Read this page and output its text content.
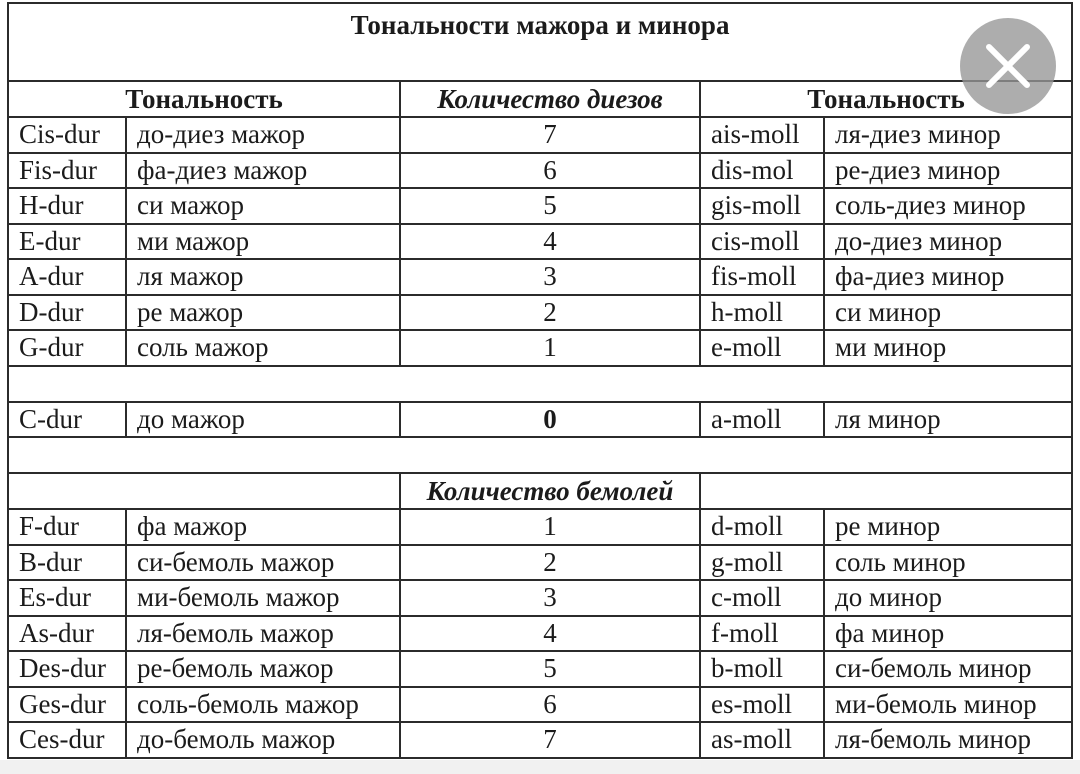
Тональности мажора и минора				
Тональность		Количество диезов	Тональность	
Cis-dur	до-диез мажор	7	ais-moll	ля-диез минор
Fis-dur	фа-диез мажор	6	dis-mol	ре-диез минор
H-dur	си мажор	5	gis-moll	соль-диез минор
E-dur	ми мажор	4	cis-moll	до-диез минор
A-dur	ля мажор	3	fis-moll	фа-диез минор
D-dur	ре мажор	2	h-moll	си минор
G-dur	соль мажор	1	e-moll	ми минор

C-dur	до мажор	0	a-moll	ля минор

		Количество бемолей		
F-dur	фа мажор	1	d-moll	ре минор
B-dur	си-бемоль мажор	2	g-moll	соль минор
Es-dur	ми-бемоль мажор	3	c-moll	до минор
As-dur	ля-бемоль мажор	4	f-moll	фа минор
Des-dur	ре-бемоль мажор	5	b-moll	си-бемоль минор
Ges-dur	соль-бемоль мажор	6	es-moll	ми-бемоль минор
Ces-dur	до-бемоль мажор	7	as-moll	ля-бемоль минор
